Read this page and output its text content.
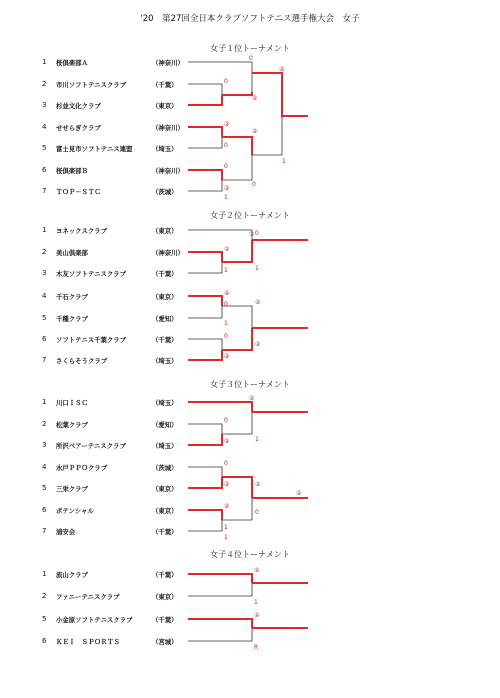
'20　第27回全日本クラブソフトテニス選手権大会　女子
女子１位トーナメント
女子２位トーナメント
女子３位トーナメント
女子４位トーナメント
1	桜倶楽部Ａ	（神奈川）
2	市川ソフトテニスクラブ	（千葉）
3	杉並文化クラブ	（東京）
4	せせらぎクラブ	（神奈川）
5	富士見市ソフトテニス連盟	（埼玉）
6	桜倶楽部Ｂ	（神奈川）
7	ＴＯＰ－ＳＴＣ	（茨城）
1	ヨネックスクラブ	（東京）
2	美山倶楽部	（神奈川）
3	木友ソフトテニスクラブ	（千葉）
4	千石クラブ	（東京）
5	千種クラブ	（愛知）
6	ソフトテニス千葉クラブ	（千葉）
7	さくらそうクラブ	（埼玉）
1	川口ＩＳＣ	（埼玉）
2	松葉クラブ	（愛知）
3	所沢ベアーテニスクラブ	（埼玉）
4	水戸ＰＰＯクラブ	（茨城）
5	三栄クラブ	（東京）
6	ポテンシャル	（東京）
7	浦安会	（千葉）
1	流山クラブ	（千葉）
2	ファニーテニスクラブ	（東京）
5	小金原ソフトテニスクラブ	（千葉）
6	ＫＥＩ　ＳＰＯＲＴＳ	（宮城）
0
②
0
②
②
0
②
0
0
1
②
1
② 0
②
1
②
1
②
0
1
②
②
0
②
0
②	1
0
②
②
1
②
0
②
1
②
1
②
R
